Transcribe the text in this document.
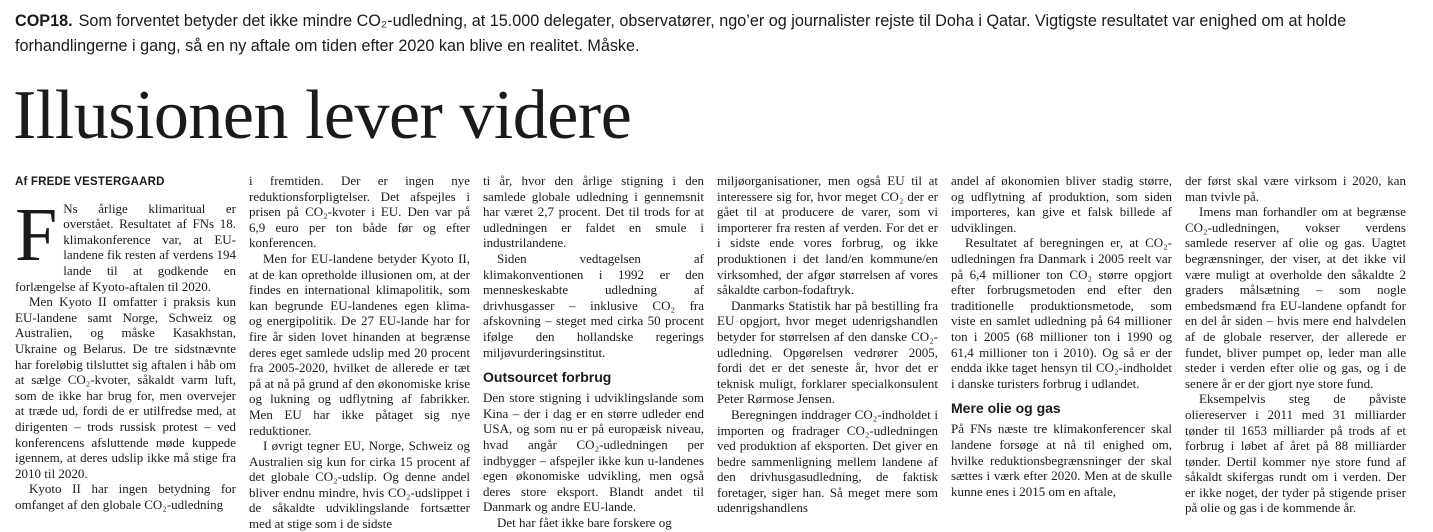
COP18. Som forventet betyder det ikke mindre CO₂-udledning, at 15.000 delegater, observatører, ngo’er og journalister rejste til Doha i Qatar. Vigtigste resultatet var enighed om at holde forhandlingerne i gang, så en ny aftale om tiden efter 2020 kan blive en realitet. Måske.
Illusionen lever videre
Af FREDE VESTERGAARD

F Ns årlige klimaritual er overstået. Resultatet af FNs 18. klimakonference var, at EU-landene fik resten af verdens 194 lande til at godkende en forlængelse af Kyoto-aftalen til 2020.

Men Kyoto II omfatter i praksis kun EU-landene samt Norge, Schweiz og Australien, og måske Kasakhstan, Ukraine og Belarus. De tre sidstnævnte har foreløbig tilsluttet sig aftalen i håb om at sælge CO₂-kvoter, såkaldt varm luft, som de ikke har brug for, men overvejer at træde ud, fordi de er utilfredse med, at dirigenten – trods russisk protest – ved konferencens afsluttende møde kuppede igennem, at deres udslip ikke må stige fra 2010 til 2020.

Kyoto II har ingen betydning for omfanget af den globale CO₂-udledning

i fremtiden. Der er ingen nye reduktionsforpligtelser. Det afspejles i prisen på CO₂-kvoter i EU. Den var på 6,9 euro per ton både før og efter konferencen.

Men for EU-landene betyder Kyoto II, at de kan opretholde illusionen om, at der findes en international klimapolitik, som kan begrunde EU-landenes egen klima- og energipolitik. De 27 EU-lande har for fire år siden lovet hinanden at begrænse deres eget samlede udslip med 20 procent fra 2005-2020, hvilket de allerede er tæt på at nå på grund af den økonomiske krise og lukning og udflytning af fabrikker. Men EU har ikke påtaget sig nye reduktioner.

I øvrigt tegner EU, Norge, Schweiz og Australien sig kun for cirka 15 procent af det globale CO₂-udslip. Og denne andel bliver endnu mindre, hvis CO₂-udslippet i de såkaldte udviklingslande fortsætter med at stige som i de sidste

ti år, hvor den årlige stigning i den samlede globale udledning i gennemsnit har været 2,7 procent. Det til trods for at udledningen er faldet en smule i industrilandene.

Siden vedtagelsen af klimakonventionen i 1992 er den menneskeskabte udledning af drivhusgasser – inklusive CO₂ fra afskovning – steget med cirka 50 procent ifølge den hollandske regerings miljøvurderingsinstitut.

Outsourcet forbrug

Den store stigning i udviklingslande som Kina – der i dag er en større udleder end USA, og som nu er på europæisk niveau, hvad angår CO₂-udledningen per indbygger – afspejler ikke kun u-landenes egen økonomiske udvikling, men også deres store eksport. Blandt andet til Danmark og andre EU-lande.

Det har fået ikke bare forskere og

miljøorganisationer, men også EU til at interessere sig for, hvor meget CO₂ der er gået til at producere de varer, som vi importerer fra resten af verden. For det er i sidste ende vores forbrug, og ikke produktionen i det land/en kommune/en virksomhed, der afgør størrelsen af vores såkaldte carbon-fodaftryk.

Danmarks Statistik har på bestilling fra EU opgjort, hvor meget udenrigshandlen betyder for størrelsen af den danske CO₂-udledning. Opgørelsen vedrører 2005, fordi det er det seneste år, hvor det er teknisk muligt, forklarer specialkonsulent Peter Rørmose Jensen.

Beregningen inddrager CO₂-indholdet i importen og fradrager CO₂-udledningen ved produktion af eksporten. Det giver en bedre sammenligning mellem landene af den drivhusgasudledning, de faktisk foretager, siger han. Så meget mere som udenrigshandlens

andel af økonomien bliver stadig større, og udflytning af produktion, som siden importeres, kan give et falsk billede af udviklingen.

Resultatet af beregningen er, at CO₂-udledningen fra Danmark i 2005 reelt var på 6,4 millioner ton CO₂ større opgjort efter forbrugsmetoden end efter den traditionelle produktionsmetode, som viste en samlet udledning på 64 millioner ton i 2005 (68 millioner ton i 1990 og 61,4 millioner ton i 2010). Og så er der endda ikke taget hensyn til CO₂-indholdet i danske turisters forbrug i udlandet.

Mere olie og gas

På FNs næste tre klimakonferencer skal landene forsøge at nå til enighed om, hvilke reduktionsbegrænsninger der skal sættes i værk efter 2020. Men at de skulle kunne enes i 2015 om en aftale,

der først skal være virksom i 2020, kan man tvivle på.

Imens man forhandler om at begrænse CO₂-udledningen, vokser verdens samlede reserver af olie og gas. Uagtet begrænsninger, der viser, at det ikke vil være muligt at overholde den såkaldte 2 graders målsætning – som nogle embedsmænd fra EU-landene opfandt for en del år siden – hvis mere end halvdelen af de globale reserver, der allerede er fundet, bliver pumpet op, leder man alle steder i verden efter olie og gas, og i de senere år er der gjort nye store fund.

Eksempelvis steg de påviste oliereserver i 2011 med 31 milliarder tønder til 1653 milliarder på trods af et forbrug i løbet af året på 88 milliarder tønder. Dertil kommer nye store fund af såkaldt skifergas rundt om i verden. Der er ikke noget, der tyder på stigende priser på olie og gas i de kommende år.
